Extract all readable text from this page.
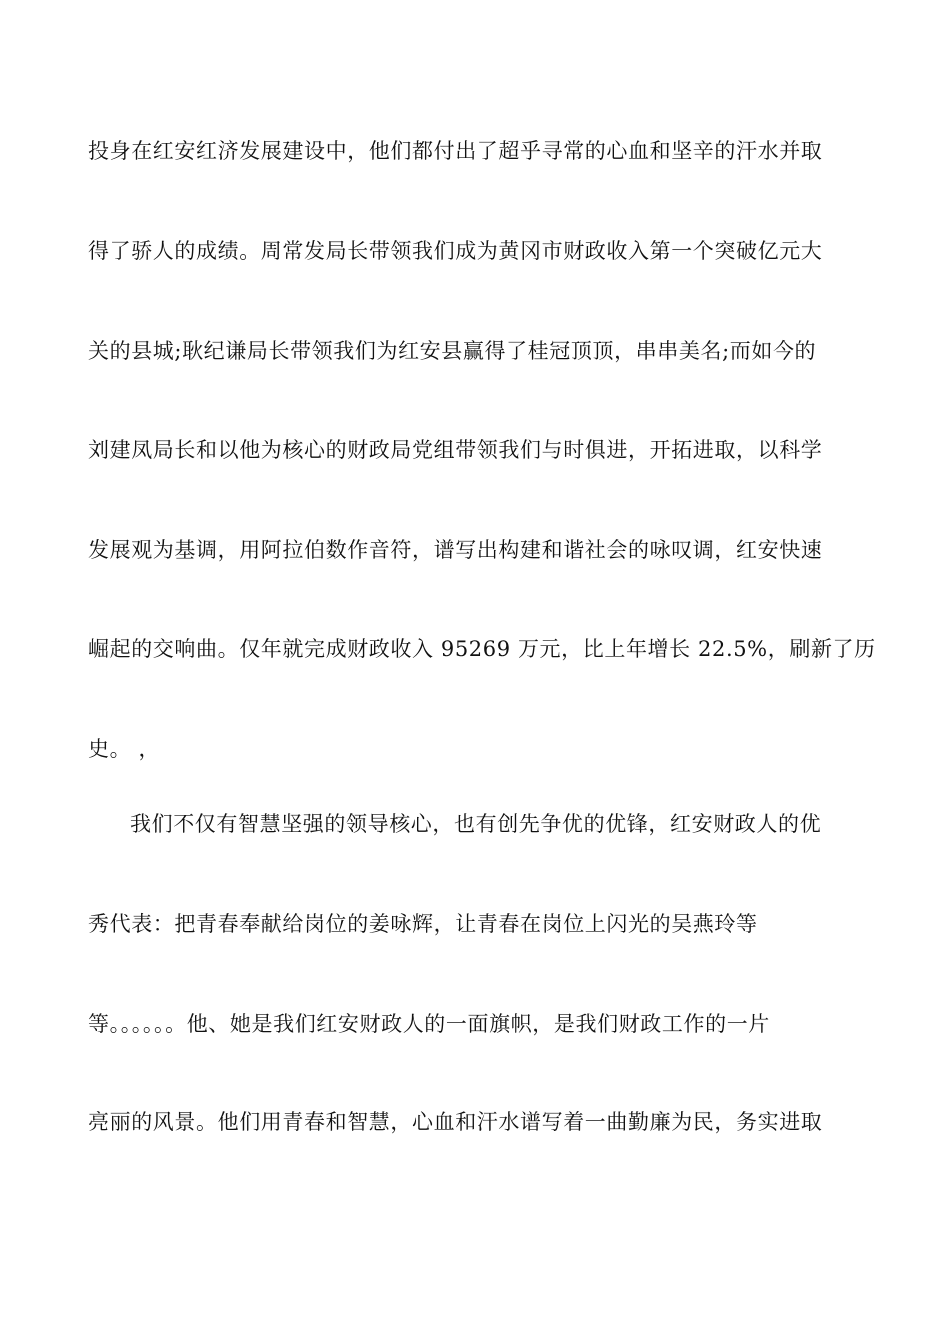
投身在红安红济发展建设中，他们都付出了超乎寻常的心血和坚辛的汗水并取
得了骄人的成绩。周常发局长带领我们成为黄冈市财政收入第一个突破亿元大
关的县城;耿纪谦局长带领我们为红安县赢得了桂冠顶顶，串串美名;而如今的
刘建凤局长和以他为核心的财政局党组带领我们与时俱进，开拓进取，以科学
发展观为基调，用阿拉伯数作音符，谱写出构建和谐社会的咏叹调，红安快速
崛起的交响曲。仅年就完成财政收入 95269 万元，比上年增长 22.5%，刷新了历
史。 ，
我们不仅有智慧坚强的领导核心，也有创先争优的优锋，红安财政人的优
秀代表：把青春奉献给岗位的姜咏辉，让青春在岗位上闪光的吴燕玲等
等。。。。。。他、她是我们红安财政人的一面旗帜，是我们财政工作的一片
亮丽的风景。他们用青春和智慧，心血和汗水谱写着一曲勤廉为民，务实进取
